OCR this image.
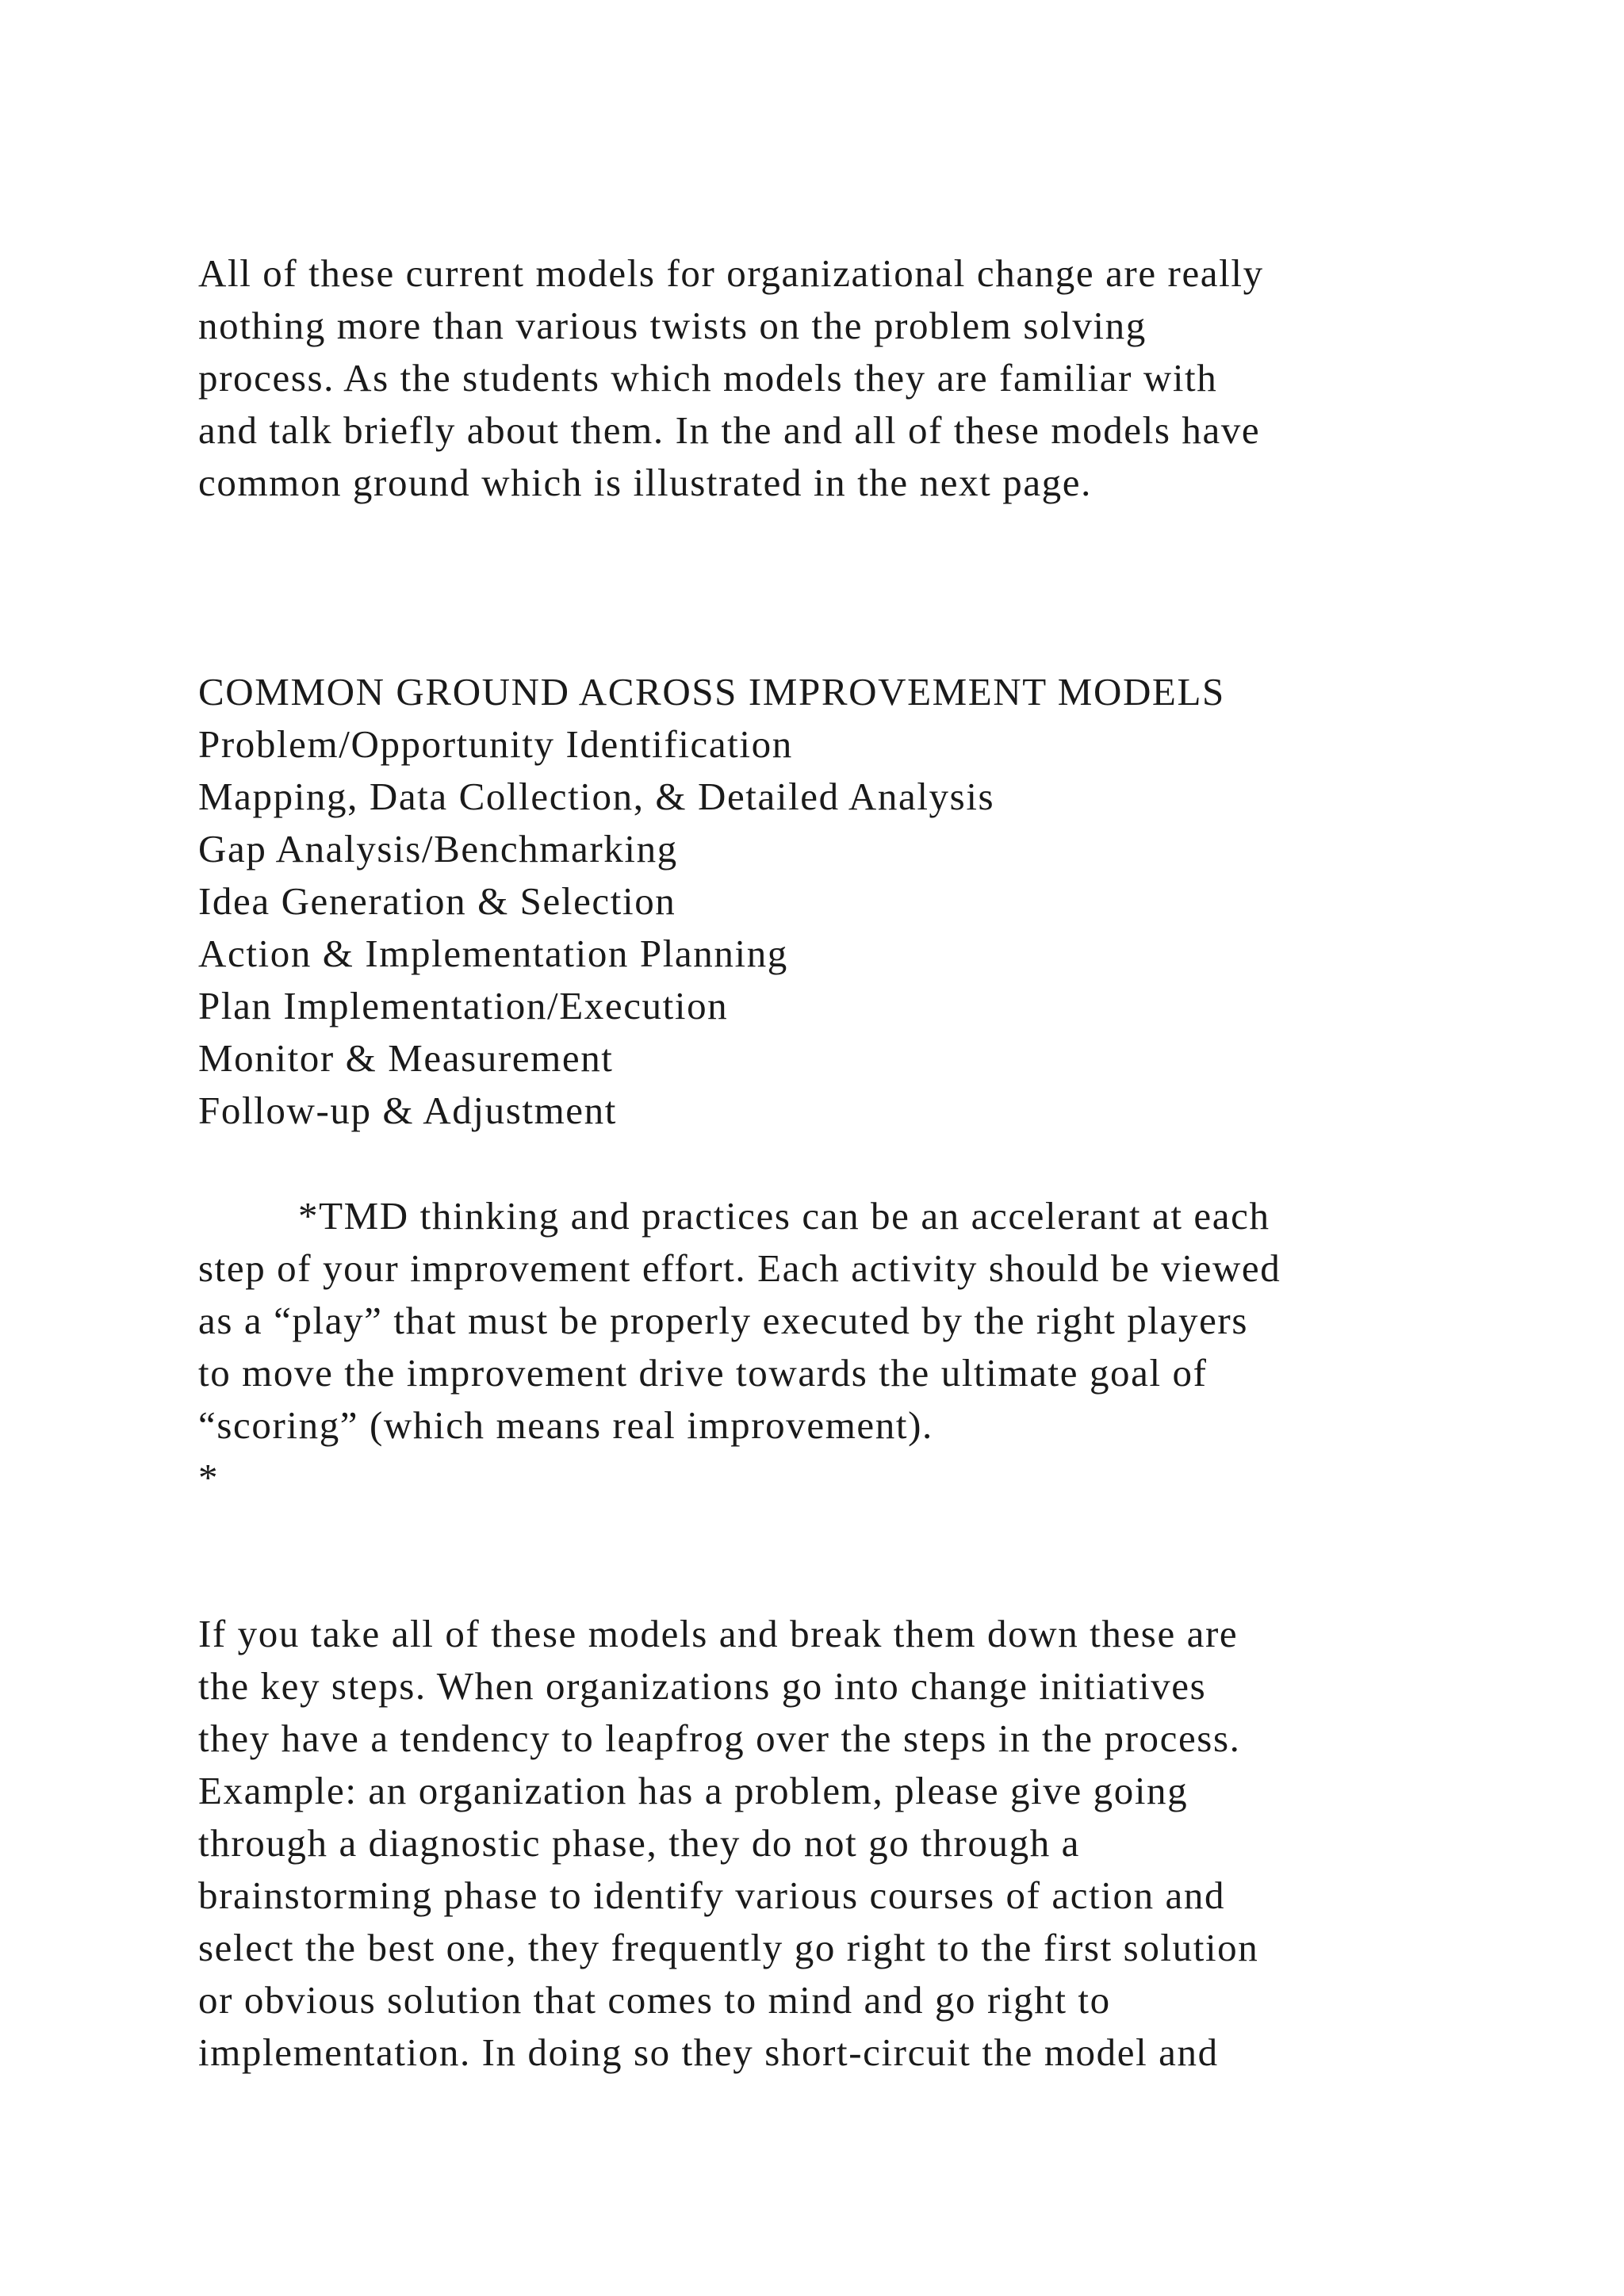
All of these current models for organizational change are really
nothing more than various twists on the problem solving
process. As the students which models they are familiar with
and talk briefly about them. In the and all of these models have
common ground which is illustrated in the next page.
COMMON GROUND ACROSS IMPROVEMENT MODELS
Problem/Opportunity Identification
Mapping, Data Collection, & Detailed Analysis
Gap Analysis/Benchmarking
Idea Generation & Selection
Action & Implementation Planning
Plan Implementation/Execution
Monitor & Measurement
Follow-up & Adjustment
*TMD thinking and practices can be an accelerant at each
step of your improvement effort. Each activity should be viewed
as a “play” that must be properly executed by the right players
to move the improvement drive towards the ultimate goal of
“scoring” (which means real improvement).
*
If you take all of these models and break them down these are
the key steps. When organizations go into change initiatives
they have a tendency to leapfrog over the steps in the process.
Example: an organization has a problem, please give going
through a diagnostic phase, they do not go through a
brainstorming phase to identify various courses of action and
select the best one, they frequently go right to the first solution
or obvious solution that comes to mind and go right to
implementation. In doing so they short-circuit the model and
